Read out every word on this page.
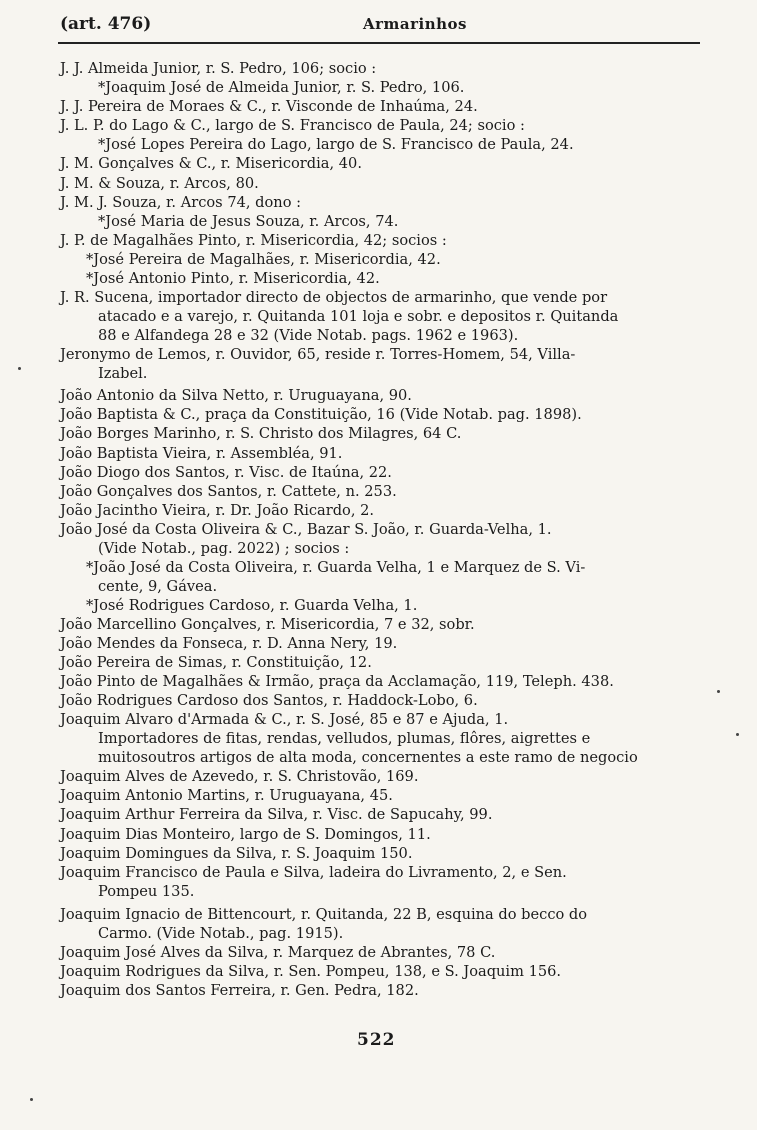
(art. 476)	Armarinhos
J. J. Almeida Junior, r. S. Pedro, 106; socio :
*Joaquim José de Almeida Junior, r. S. Pedro, 106.
J. J. Pereira de Moraes & C., r. Visconde de Inhaúma, 24.
J. L. P. do Lago & C., largo de S. Francisco de Paula, 24; socio :
*José Lopes Pereira do Lago, largo de S. Francisco de Paula, 24.
J. M. Gonçalves & C., r. Misericordia, 40.
J. M. & Souza, r. Arcos, 80.
J. M. J. Souza, r. Arcos 74, dono :
*José Maria de Jesus Souza, r. Arcos, 74.
J. P. de Magalhães Pinto, r. Misericordia, 42; socios :
*José Pereira de Magalhães, r. Misericordia, 42.
*José Antonio Pinto, r. Misericordia, 42.
J. R. Sucena, importador directo de objectos de armarinho, que vende por
atacado e a varejo, r. Quitanda 101 loja e sobr. e depositos r. Quitanda
88 e Alfandega 28 e 32 (Vide Notab. pags. 1962 e 1963).
Jeronymo de Lemos, r. Ouvidor, 65, reside r. Torres-Homem, 54, Villa-
Izabel.
João Antonio da Silva Netto, r. Uruguayana, 90.
João Baptista & C., praça da Constituição, 16 (Vide Notab. pag. 1898).
João Borges Marinho, r. S. Christo dos Milagres, 64 C.
João Baptista Vieira, r. Assembléa, 91.
João Diogo dos Santos, r. Visc. de Itaúna, 22.
João Gonçalves dos Santos, r. Cattete, n. 253.
João Jacintho Vieira, r. Dr. João Ricardo, 2.
João José da Costa Oliveira & C., Bazar S. João, r. Guarda-Velha, 1.
(Vide Notab., pag. 2022) ; socios :
*João José da Costa Oliveira, r. Guarda Velha, 1 e Marquez de S. Vi-
cente, 9, Gávea.
*José Rodrigues Cardoso, r. Guarda Velha, 1.
João Marcellino Gonçalves, r. Misericordia, 7 e 32, sobr.
João Mendes da Fonseca, r. D. Anna Nery, 19.
João Pereira de Simas, r. Constituição, 12.
João Pinto de Magalhães & Irmão, praça da Acclamação, 119, Teleph. 438.
João Rodrigues Cardoso dos Santos, r. Haddock-Lobo, 6.
Joaquim Alvaro d'Armada & C., r. S. José, 85 e 87 e Ajuda, 1.
Importadores de fitas, rendas, velludos, plumas, flôres, aigrettes e
muitosoutros artigos de alta moda, concernentes a este ramo de negocio
Joaquim Alves de Azevedo, r. S. Christovão, 169.
Joaquim Antonio Martins, r. Uruguayana, 45.
Joaquim Arthur Ferreira da Silva, r. Visc. de Sapucahy, 99.
Joaquim Dias Monteiro, largo de S. Domingos, 11.
Joaquim Domingues da Silva, r. S. Joaquim 150.
Joaquim Francisco de Paula e Silva, ladeira do Livramento, 2, e Sen.
Pompeu 135.
Joaquim Ignacio de Bittencourt, r. Quitanda, 22 B, esquina do becco do
Carmo. (Vide Notab., pag. 1915).
Joaquim José Alves da Silva, r. Marquez de Abrantes, 78 C.
Joaquim Rodrigues da Silva, r. Sen. Pompeu, 138, e S. Joaquim 156.
Joaquim dos Santos Ferreira, r. Gen. Pedra, 182.
522
